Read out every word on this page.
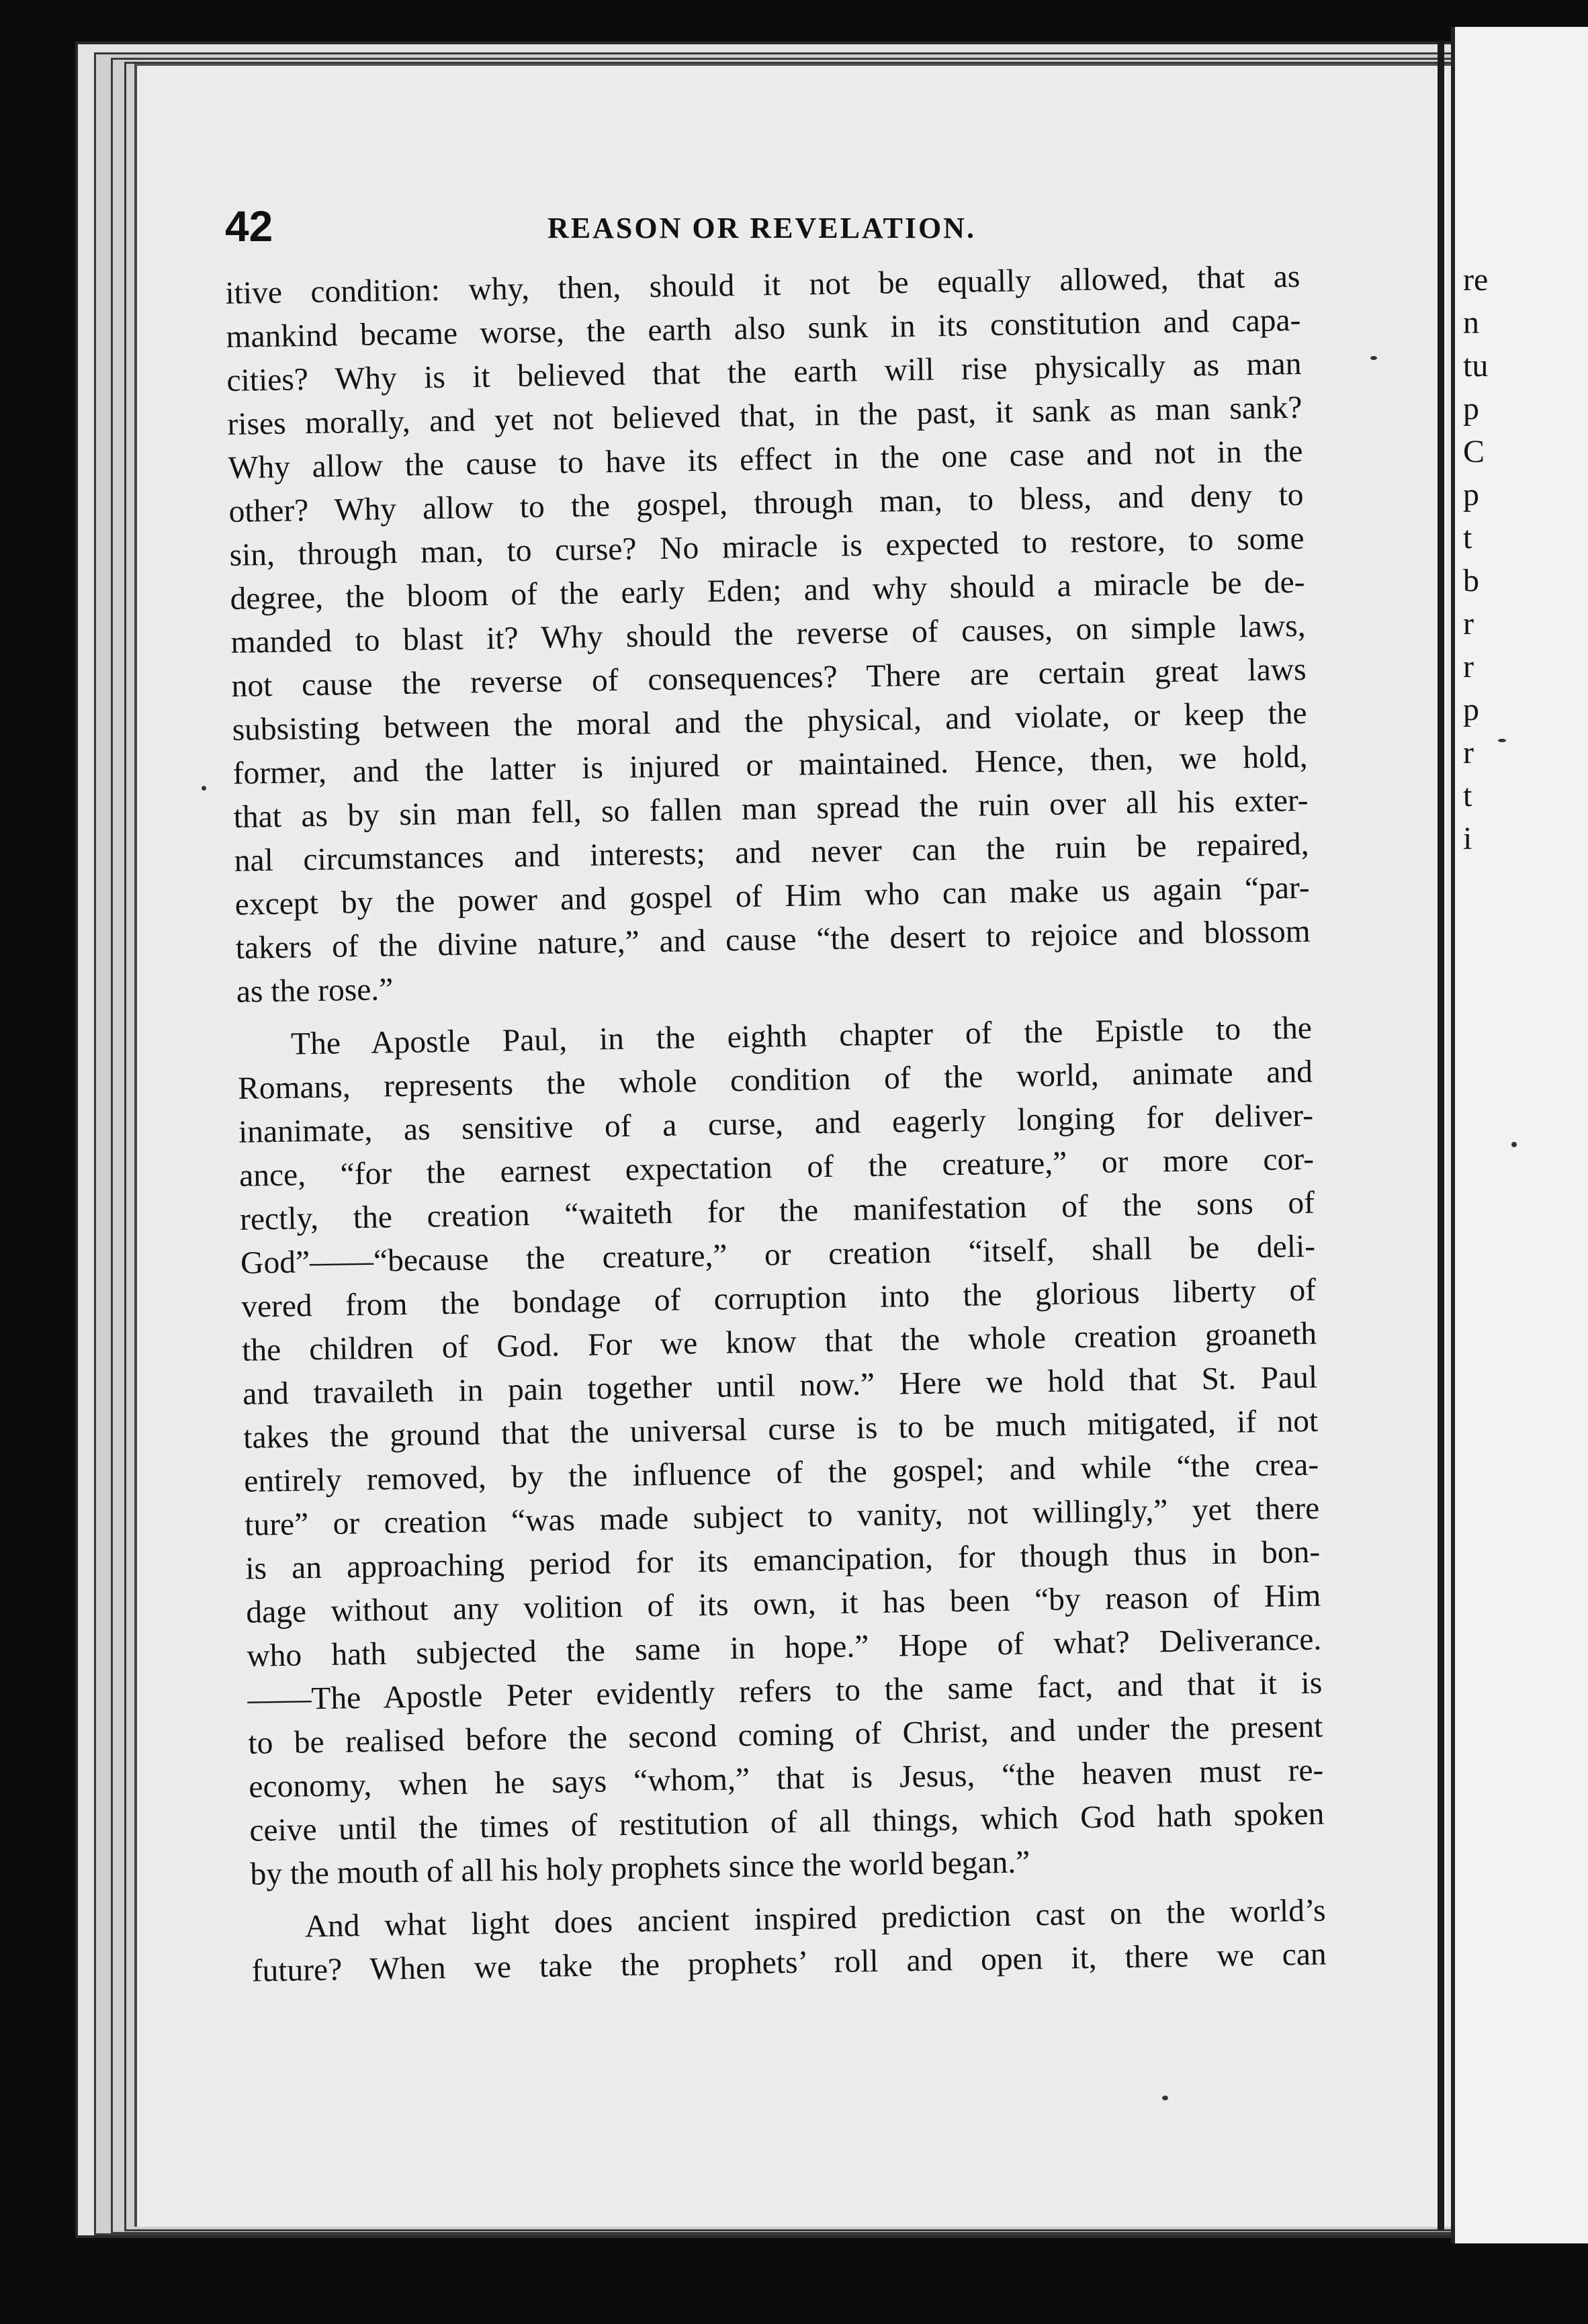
re
n
tu
p
C
p
t
b
r
r
p
r
t
i
42	REASON OR REVELATION.
itive condition: why, then, should it not be equally allowed, that as
mankind became worse, the earth also sunk in its constitution and capa-
cities? Why is it believed that the earth will rise physically as man
rises morally, and yet not believed that, in the past, it sank as man sank?
Why allow the cause to have its effect in the one case and not in the
other? Why allow to the gospel, through man, to bless, and deny to
sin, through man, to curse? No miracle is expected to restore, to some
degree, the bloom of the early Eden; and why should a miracle be de-
manded to blast it? Why should the reverse of causes, on simple laws,
not cause the reverse of consequences? There are certain great laws
subsisting between the moral and the physical, and violate, or keep the
former, and the latter is injured or maintained. Hence, then, we hold,
that as by sin man fell, so fallen man spread the ruin over all his exter-
nal circumstances and interests; and never can the ruin be repaired,
except by the power and gospel of Him who can make us again “par-
takers of the divine nature,” and cause “the desert to rejoice and blossom
as the rose.”
The Apostle Paul, in the eighth chapter of the Epistle to the
Romans, represents the whole condition of the world, animate and
inanimate, as sensitive of a curse, and eagerly longing for deliver-
ance, “for the earnest expectation of the creature,” or more cor-
rectly, the creation “waiteth for the manifestation of the sons of
God”——“because the creature,” or creation “itself, shall be deli-
vered from the bondage of corruption into the glorious liberty of
the children of God. For we know that the whole creation groaneth
and travaileth in pain together until now.” Here we hold that St. Paul
takes the ground that the universal curse is to be much mitigated, if not
entirely removed, by the influence of the gospel; and while “the crea-
ture” or creation “was made subject to vanity, not willingly,” yet there
is an approaching period for its emancipation, for though thus in bon-
dage without any volition of its own, it has been “by reason of Him
who hath subjected the same in hope.” Hope of what? Deliverance.
——The Apostle Peter evidently refers to the same fact, and that it is
to be realised before the second coming of Christ, and under the present
economy, when he says “whom,” that is Jesus, “the heaven must re-
ceive until the times of restitution of all things, which God hath spoken
by the mouth of all his holy prophets since the world began.”
And what light does ancient inspired prediction cast on the world’s
future? When we take the prophets’ roll and open it, there we can
